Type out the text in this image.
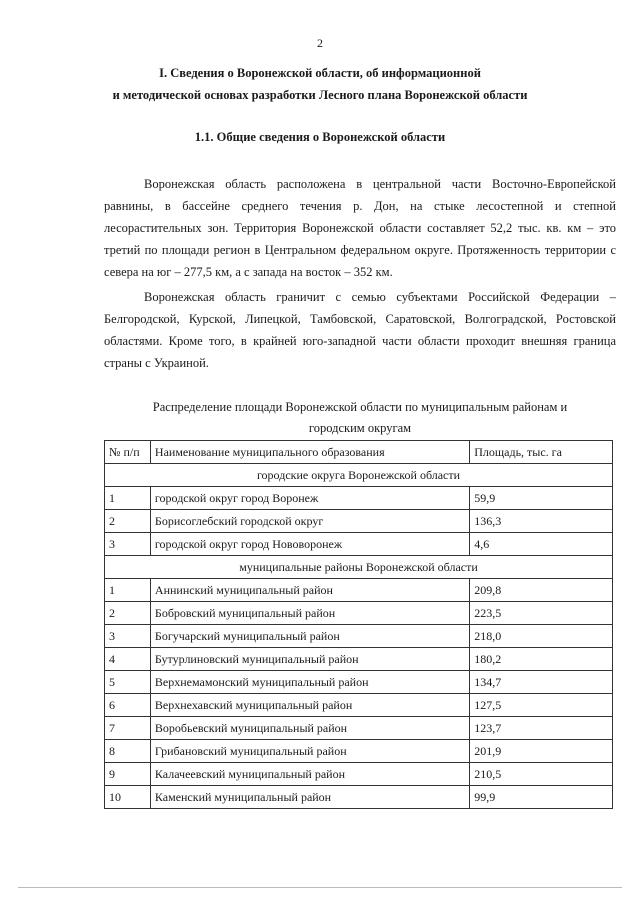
2
I. Сведения о Воронежской области, об информационной
и методической основах разработки Лесного плана Воронежской области
1.1. Общие сведения о Воронежской области

Воронежская область расположена в центральной части Восточно-Европейской равнины, в бассейне среднего течения р. Дон, на стыке лесостепной и степной лесорастительных зон. Территория Воронежской области составляет 52,2 тыс. кв. км – это третий по площади регион в Центральном федеральном округе. Протяженность территории с севера на юг – 277,5 км, а с запада на восток – 352 км.

Воронежская область граничит с семью субъектами Российской Федерации – Белгородской, Курской, Липецкой, Тамбовской, Саратовской, Волгоградской, Ростовской областями. Кроме того, в крайней юго-западной части области проходит внешняя граница страны с Украиной.

Распределение площади Воронежской области по муниципальным районам и
городским округам
№ п/п	Наименование муниципального образования	Площадь, тыс. га
городские округа Воронежской области		
1	городской округ город Воронеж	59,9
2	Борисоглебский городской округ	136,3
3	городской округ город Нововоронеж	4,6
муниципальные районы Воронежской области		
1	Аннинский муниципальный район	209,8
2	Бобровский муниципальный район	223,5
3	Богучарский муниципальный район	218,0
4	Бутурлиновский муниципальный район	180,2
5	Верхнемамонский муниципальный район	134,7
6	Верхнехавский муниципальный район	127,5
7	Воробьевский муниципальный район	123,7
8	Грибановский муниципальный район	201,9
9	Калачеевский муниципальный район	210,5
10	Каменский муниципальный район	99,9
